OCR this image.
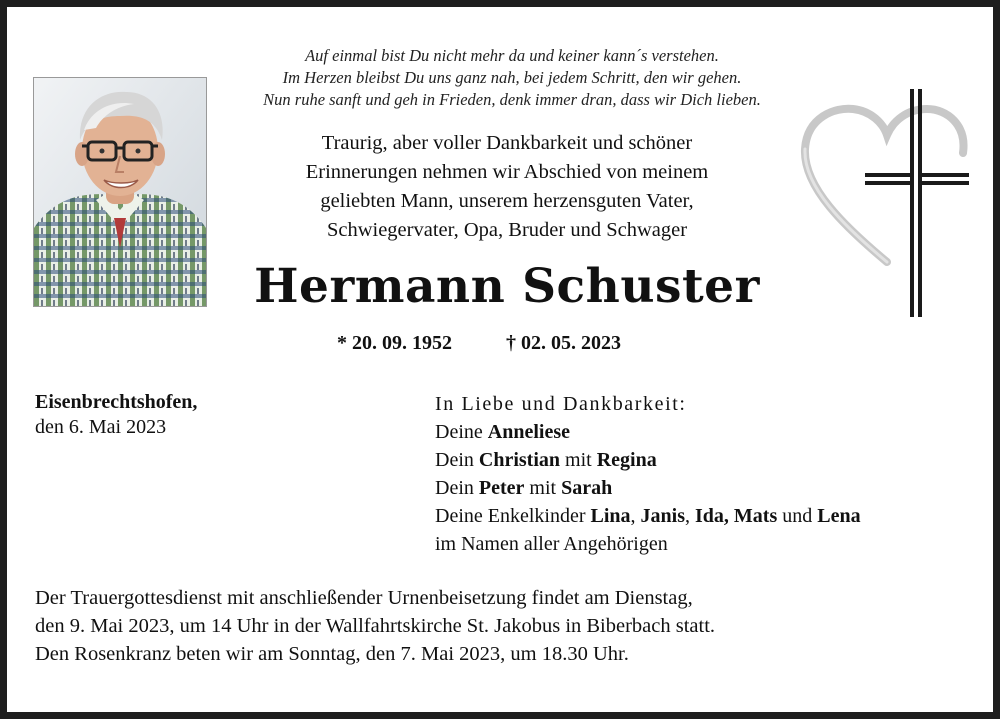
Auf einmal bist Du nicht mehr da und keiner kann´s verstehen.
Im Herzen bleibst Du uns ganz nah, bei jedem Schritt, den wir gehen.
Nun ruhe sanft und geh in Frieden, denk immer dran, dass wir Dich lieben.
Traurig, aber voller Dankbarkeit und schöner
Erinnerungen nehmen wir Abschied von meinem
geliebten Mann, unserem herzensguten Vater,
Schwiegervater, Opa, Bruder und Schwager
Hermann Schuster
* 20. 09. 1952	† 02. 05. 2023
Eisenbrechtshofen,
den 6. Mai 2023
In Liebe und Dankbarkeit:
Deine Anneliese
Dein Christian mit Regina
Dein Peter mit Sarah
Deine Enkelkinder Lina, Janis, Ida, Mats und Lena
im Namen aller Angehörigen
Der Trauergottesdienst mit anschließender Urnenbeisetzung findet am Dienstag,
den 9. Mai 2023, um 14 Uhr in der Wallfahrtskirche St. Jakobus in Biberbach statt.
Den Rosenkranz beten wir am Sonntag, den 7. Mai 2023, um 18.30 Uhr.
